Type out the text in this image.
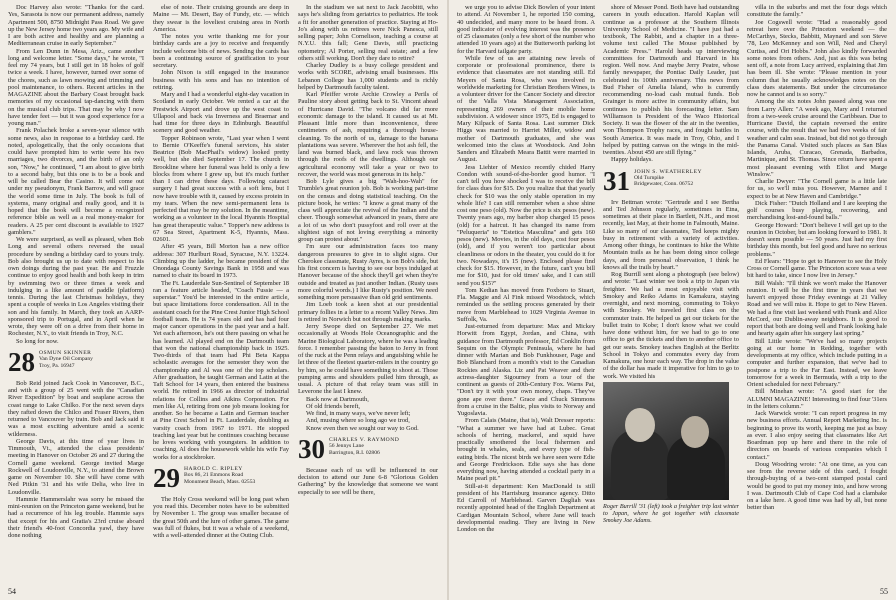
Doc Harvey also wrote: "Thanks for the card. Yes, Sarasota is now our permanent address, namely Apartment 500, 8750 Midnight Pass Road. We gave up the New Jersey home two years ago. My wife and I are both active and healthy and are planning a Mediterranean cruise in early September."

From Len Dunn in Mesa, Ariz., came another long and welcome letter. "Some days," he wrote, "I feel my 74 years, but I still get in 18 holes of golf twice a week. I have, however, turned over some of the chores, such as lawn mowing and trimming and pool maintenance, to others. Recent articles in the MAGAZINE about the Barbary Coast brought back memories of my occasional tap-dancing with them on the musical club trips. That may be why I now have tender feet — but it was good experience for a young man."

Frank Polachek broke a seven-year silence with some news, also in response to a birthday card. He noted, apologetically, that the only occasions that could have prompted him to write were his two marriages, two divorces, and the birth of an only son, "Now," he continued, "I am about to give birth to a second baby, but this one is to be a book and will be called Bear the Casino. It will come out under my pseudonym, Frank Barrow, and will grace the world some time in July. The book is full of systems, many original and really good, and it is hoped that the book will become a recognized reference bible as well as a real money-maker for readers. A 25 per cent discount is available to 1927 gamblers."

We were surprised, as well as pleased, when Bob Long and several others reversed the usual procedure by sending a birthday card to yours truly. Bob also brought us up to date with respect to his own doings during the past year. He and Fruzzle continue to enjoy good health and both keep in trim by swimming two or three times a week and indulging in a like amount of paddle (platform) tennis. During the last Christmas holidays, they spent a couple of weeks in Los Angeles visiting their son and his family. In March, they took an AARP-sponsored trip to Portugal, and in April when he wrote, they were off on a drive from their home in Rochester, N.Y., to visit friends in Troy, N.C.

So long for now.

28 OSMUN SKINNER
Van Dyne Oil Company
Troy, Pa. 16947

Bob Reid joined Jack Cook in Vancouver, B.C., and with a group of 25 went with the "Canadian River Expedition" by boat and seaplane across the coast range to Lake Chilko. For the next seven days they rafted down the Chilco and Fraser Rivers, then returned to Vancouver by train. Bob and Jack said it was a most exciting adventure amid a scenic wilderness.

George Davis, at this time of year lives in Timmouth, Vt., attended the class presidents' meeting in Hanover on October 26 and 27 during the Cornell game weekend. George invited Marge Rockwell of Loudonville, N.Y., to attend the Brown game on November 10. She will have come with Ned Pitkin '31 and his wife Delia, who live in Loudonville.

Hammie Hammerslahr was sorry he missed the mini-reunion on the Princeton game weekend, but he had a recurrence of his leg trouble. Hammie says that except for his and Gratia's 23rd cruise aboard their friend's 40-foot Concordia yawl, they have done nothing

else of note. Their cruising grounds are deep in Maine — Mt. Desert, Bay of Fundy, etc. — which they swear is the loveliest cruising area in North America.

The notes you write thanking me for your birthday cards are a joy to receive and frequently include welcome bits of news. Sending the cards has been a continuing source of gratification to your secretary.

John Nixon is still engaged in the insurance business with his sons and has no intention of retiring.

Mary and I had a wonderful eight-day vacation in Scotland in early October. We rented a car at the Prestwick Airport and drove up the west coast to Ullapool and back via Inverness and Braemar and had time for three days in Edinburgh. Beautiful scenery and good weather.

Topper Robinson wrote, "Last year when I went to Bernie O'Keeffe's funeral services, his sister Beatrice (Bob MacPhail's widow) looked pretty well, but she died September 17. The church in Brookline where her funeral was held is only a few blocks from where I grew up, but it's much further than I can drive these days. Following cataract surgery I had great success with a soft lens, but I now have trouble with it, caused by excess protein in my tears. When the new semi-permanent lens is perfected that may be my solution. In the meantime, working as a volunteer in the local Hyannis Hospital has great therapeutic value." Topper's new address is 67 Sea Street, Apartment K-5, Hyannis, Mass. 02601.

After 45 years, Bill Morton has a new office address: 307 Hurlburt Road, Syracuse, N.Y. 13224. Climbing up the ladder, he became president of the Onondaga County Savings Bank in 1958 and was named to chair its board in 1973.

The Ft. Lauderdale Sun-Sentinel of September 18 ran a feature article headed, "Coach Fussie — a superstar." You'd be interested in the entire article, but space limitations force condensation. All in the assistant coach for the Pine Crest Junior High School football team. He is 74 years old and has had four major cancer operations in the past year and a half. Yet each afternoon, he's out there passing on what he has learned. Al played end on the Dartmouth team that won the national championship back in 1925. Two-thirds of that team had Phi Beta Kappa scholastic averages for the semester they won the championship and Al was one of the top scholars. After graduation, he taught German and Latin at the Taft School for 14 years, then entered the business world. He retired in 1966 as director of industrial relations for Collins and Aikins Corporation. For men like Al, retiring from one job means looking for another. So he became a Latin and German teacher at Pine Crest School in Ft. Lauderdale, doubling as varsity coach from 1967 to 1971. He stopped teaching last year but he continues coaching because he loves working with youngsters. In addition to coaching, Al does the housework while his wife Fay works for a stockbroker.

29 HAROLD C. RIPLEY
Box 86, 21 Emmons Road
Monument Beach, Mass. 02553

The Holy Cross weekend will be long past when you read this. December notes have to be submitted by November 1. The group was smaller because of the great 50th and the lure of other games. The game was full of flukes, but it was a whale of a weekend, with a well-attended dinner at the Outing Club.

In the stadium we sat next to Jack Jacobitti, who says he's sliding from geriatrics to pediatrics. He took a fit for another generation of practice. Staying at Ho-Jo's along with us retirees were Nick Panesca, still selling paper; John Cornelison, teaching a course at N.Y.U. this fall; Gene Davis, still practicing optometry; Al Porter, selling real estate; and a few others still working. Don't they dare to retire?

Charley Dudley is a busy college president and works with SCORE, advising small businesses. His Lebanon College has 1,000 students and is richly helped by Dartmouth faculty talent.

Karl Pfeiffer wrote Archie Crowley a Perils of Pauline story about getting back to St. Vincent ahead of Hurricane David. "The volcano did far more economic damage to the island. It caused us at Mt. Pleasant little more than inconvenience, three centimeters of ash, requiring a thorough house-cleaning. To the north of us, damage to the banana plantations was severe. Wherever the hot ash fell, the land was burned black, and lava rock was thrown through the roofs of the dwellings. Although our agricultural economy will take a year or two to recover, the world was most generous in its help."

Bob Lyle gives a big "Wah-hoo-Wah" for Trumble's great reunion job. Bob is working part-time on the census and doing statistical teaching. On the picture book, he writes: "I know a great many of the class will appreciate the revival of the Indian and the cheer. Though somewhat advanced in years, there are a lot of us who don't pussyfoot and roll over at the slightest sign of not loving everything a minority group can protest about."

I'm sure our administration faces too many dangerous pressures to give in to slight signs. Our Cherokee classmate, Rusty Ayres, is on Bob's side, but his first concern is having to see our boys indulged at Hanover because of the shock they'll get when they're outside and treated as just another Indian. (Rusty uses more colorful words.) I like Rusty's position. We need something more persuasive than old grid sentiments.

Jim Loeb took a keen shot at our presidential primary follies in a letter to a recent Valley News. Jim is retired in Norwich but not through making marks.

Jerry Swope died on September 27. We met occasionally at Woods Hole Oceanographic and the Marine Biological Laboratory, where he was a leading force. I remember passing the baton to Jerry in front of the ruck at the Penn relays and anguishing while he let three of the fleetest quarter-milers in the country go by him, so he could have something to shoot at. Those pumping arms and shoulders pulled him through, as usual. A picture of that relay team was still in Leverone the last I knew.

Back now at Dartmouth,
Of old friends bereft,
We find, in many ways, we've never left;
And, musing where so long ago we trod,
Know even then we sought our way to God.

30 CHARLES V. RAYMOND
56 Jennys Lane
Barrington, R.I. 02806

Because each of us will be influenced in our decision to attend our June 6-8 "Glorious Golden Gathering" by the knowledge that someone we want especially to see will be there,

54

we urge you to advise Dick Bowlen of your intent to attend. At November 1, he reported 150 coming, 40 undecided, and many more to be heard from. A good indicator of evolving interest was the presence of 25 classmates (only a few short of the number who attended 10 years ago) at the Butterworth parking lot for the Harvard tailgate party.

While few of us are attaining new levels of corporate or professional prominence, there is evidence that classmates are not standing still. Ed Meyers of Santa Rosa, who was involved in worldwide marketing for Christian Brothers Wines, is a volunteer driver for the Cancer Society and director of the Valla Vista Management Association, representing 269 owners of their mobile home subdivision. A widower since 1975, Ed is engaged to Mary Kilpack of Santa Rosa. Last summer Dick Higgs was married to Harriet Miller, widow and mother of Dartmouth graduates, and she was welcomed into the class at Woodstock. And John Sanders and Elizabeth Meara Battit were married in August.

Jess Liehter of Mexico recently chided Harry Condon with sound-of-the-border good humor. "I can't tell you how shocked I was to receive the bill for class dues for $15. Do you realize that that yearly check for $10 was the only stable operation in my whole life? I can still remember when a shoe shine cost one peso (old). Now the price is six pesos (new). Twenty years ago, my barber shop charged 15 pesos (old) for a haircut. It has changed its name from "Peluqueria" to "Estetica Masculina" and gets 160 pesos (new). Movies, in the old days, cost four pesos (old), and if you weren't too particular about cleanliness or odors in the theater, you could do it for two. Nowadays, it's 15 (new). Enclosed please find check for $15. However, in the future, can't you bill me for $10, just for old times' sake, and I can still send you $15?"

Tom Kedian has moved from Foxboro to Stuart, Fla. Maggie and Al Fink missed Woodstock, which reminded us the settling process generated by their move from Marblehead to 1029 Virginia Avenue in Suffolk, Va.

Just-returned from departure: Max and Mickey Horwitt from Egypt, Jordan, and China, with guidance from Dartmouth professor, Ed Conklin from Sequim on the Olympic Peninsula, where he had dinner with Marian and Bob Funkhouser, Page and Bob Blanchard from a month's visit to the Canadian Rockies and Alaska. Liz and Pat Weaver and their actress-daughter Sigourney from a tour of the continent as guests of 20th-Century Fox. Warns Pat, "Don't try it with your own money, chaps. They've gone ape over there." Grace and Chuck Simmons from a cruise in the Baltic, plus visits to Norway and Yugoslavia.

From Calais (Maine, that is), Walt Dresser reports: "What a summer we have had at Lubec. Great schools of herring, mackerel, and squid have practically smothered the local fishermen and brought in whales, seals, and every type of fish-eating birds. The nicest birds we have seen were Edie and George Fredrickson. Edie says she has done everything now, having attended a cocktail party in a Maine pearl pit."

Still-at-it department: Ken MacDonald is still president of his Harrisburg insurance agency. Ditto Ed Carroll of Marblehead. Garven Dagliah was recently appointed head of the English Department at Cardigan Mountain School, where Jane will teach developmental reading. They are living in New London on the

shore of Messer Pond. Both have had outstanding careers in youth education. Harold Kaplan will continue as a professor at the Southern Illinois University School of Medicine. "I have just had a textbook, The Rabbit, and a chapter in a three-volume text called The Mouse published by Academic Press." Harold heads up interviewing committees for Dartmouth and Harvard in his region. Well now. And maybe Jerry Peatre, whose family newspaper, the Pontiac Daily Leader, just celebrated its 100th anniversary. This news from Bud Fisher of Amelia Island, who is currently recommending no-load cash mutual funds. Bob Grainger is more active in community affairs, but continues to publish his forecasting letter. Sam Williamson is President of the Waco Historical Society. It was the flower of the air in the twenties, won Thompson Trophy races, and fought battles in South America. It was made in Troy, Ohio, and I helped by putting canvas on the wings in the mid-twenties. About 450 are still flying."

Happy holidays.

31 JOHN S. WEATHERLEY
Old Turnpike
Bridgewater, Conn. 06752

Irv Bettman wrote: "Gertrude and I see Bertha and Ted Johnson regularly, sometimes in Etna, sometimes at their place in Bartlett, N.H., and most recently, last May, at their home in Falmouth, Maine. Like so many of our classmates, Ted keeps mighty busy in retirement with a variety of activities. Among other things, he continues to hike the White Mountain trails as he has been doing since college days, and from personal observation, I think he knows all the trails by heart."

Rog Burrill sent along a photograph (see below) and wrote: "Last winter we took a trip to Japan via freighter. We had a most enjoyable visit with Smokey and Reiko Adams in Kamakura, staying overnight, and next morning, commuting to Tokyo with Smokey. We traveled first class on the commuter train. He helped us get our tickets for the bullet train to Kobe; I don't know what we could have done without him, for we had to go to one office to get the tickets and then to another office to get our seats. Smokey teaches English at the Berlitz School in Tokyo and commutes every day from Kamakura, one hour each way. The drop in the value of the dollar has made it imperative for him to go to work. We visited his

Roger Burrill '31 (left) took a freighter trip last winter to Japan, where he got together with classmate Smokey Joe Adams.

villa in the suburbs and met the four dogs which constitute the family."

Joe Cogswell wrote: "Had a reasonably good retreat here over the Princeton weekend — the McCarthys, Stecks, Babbitt, Maynard and son Steve '78, Leo McKenney and son Will, Ned and Cheryl Curtiss, and Ori Hobbs." John also kindly forwarded some notes from others. And, just as this was being sent off, a note from Lucy arrived, explaining that Jim has been ill. She wrote: "Please mention in your column that he usually acknowledges notes on the class dues statements. But under the circumstance now he cannot and is so sorry."

Among the six notes John passed along was one from Larry Allen: "A week ago, Mary and I returned from a two-week cruise around the Caribbean. Due to Hurricane David, the captain reversed the entire course, with the result that we had two weeks of fair weather and calm seas. Instead, but did not go through the Panama Canal. Visited such places as San Blas Islands, Aruba, Curacao, Grenada, Barbados, Martinique, and St. Thomas. Since return have spent a most pleasant evening with Eliot and Marge Winslow."

Charlie Dwyer: "The Cornell game is a little late for us, so we'll miss you. However, Marnee and I expect to be at New Haven and Cambridge."

Dick Fisher: "Dutch Holland and I are keeping the golf courses busy playing, recovering, and merchandising lost-and-found balls."

George Howard: "Don't believe I will get up to the reunion in October, but am looking forward to 1981. It doesn't seem possible — 50 years. Just had my first birthday this month, but feel good and have no serious problems."

Ed Flears: "Hope to get to Hanover to see the Holy Cross or Cornell game. The Princeton score was a wee bit hard to take, since I now live in Jersey."

Bill Walsh: "I'll think we won't make the Hanover reunion. It will be the first time in years that we haven't enjoyed those Friday evenings at 21 Valley Road and we will miss it. Hope to get to New Haven. We had a fine visit last weekend with Frank and Alice McCord, our Dublin-away neighbors. It is good to report that both are doing well and Frank looking hale and hearty again after his surgery last spring."

Bill Little wrote: "We've had so many projects going at our home in Redding, together with developments at my office, which include putting in a computer and further expansion, that we've had to postpone a trip to the Far East. Instead, we leave tomorrow for a week in Bermuda, with a trip to the Orient scheduled for next February."

Bill Minehan wrote: "A good start for the ALUMNI MAGAZINE! Interesting to find four '31ers in the letters column."

Jack Warwick wrote: "I can report progress in my new business efforts. Annual Report Marketing Inc. is beginning to prove its worth, keeping me just as busy as ever. I also enjoy seeing that classmates like Art Boardman pop up here and there in the role of directors on boards of various companies which I contact."

Doug Woodring wrote: "At one time, as you can see from the reverse side of this card, I fought through-buying of a two-cent stamped postal card would be good to put my money into, and how wrong I was. Dartmouth Club of Cape Cod had a clambake on a lake here. A good time was had by all, but none better than

55
